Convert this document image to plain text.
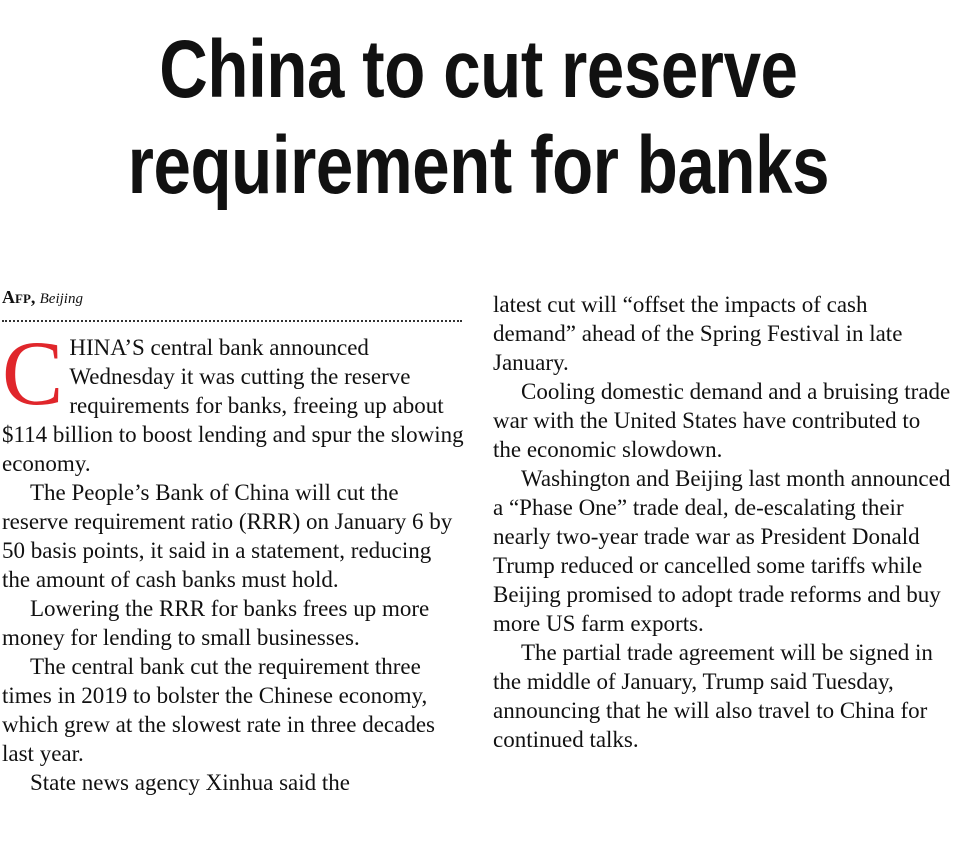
China to cut reserve
requirement for banks
Afp, Beijing

CHINA’S central bank announced Wednesday it was cutting the reserve requirements for banks, freeing up about $114 billion to boost lending and spur the slowing economy.

The People’s Bank of China will cut the reserve requirement ratio (RRR) on January 6 by 50 basis points, it said in a statement, reducing the amount of cash banks must hold.

Lowering the RRR for banks frees up more money for lending to small businesses.

The central bank cut the requirement three times in 2019 to bolster the Chinese economy, which grew at the slowest rate in three decades last year.

State news agency Xinhua said the

latest cut will “offset the impacts of cash demand” ahead of the Spring Festival in late January.

Cooling domestic demand and a bruising trade war with the United States have contributed to the economic slowdown.

Washington and Beijing last month announced a “Phase One” trade deal, de-escalating their nearly two-year trade war as President Donald Trump reduced or cancelled some tariffs while Beijing promised to adopt trade reforms and buy more US farm exports.

The partial trade agreement will be signed in the middle of January, Trump said Tuesday, announcing that he will also travel to China for continued talks.
